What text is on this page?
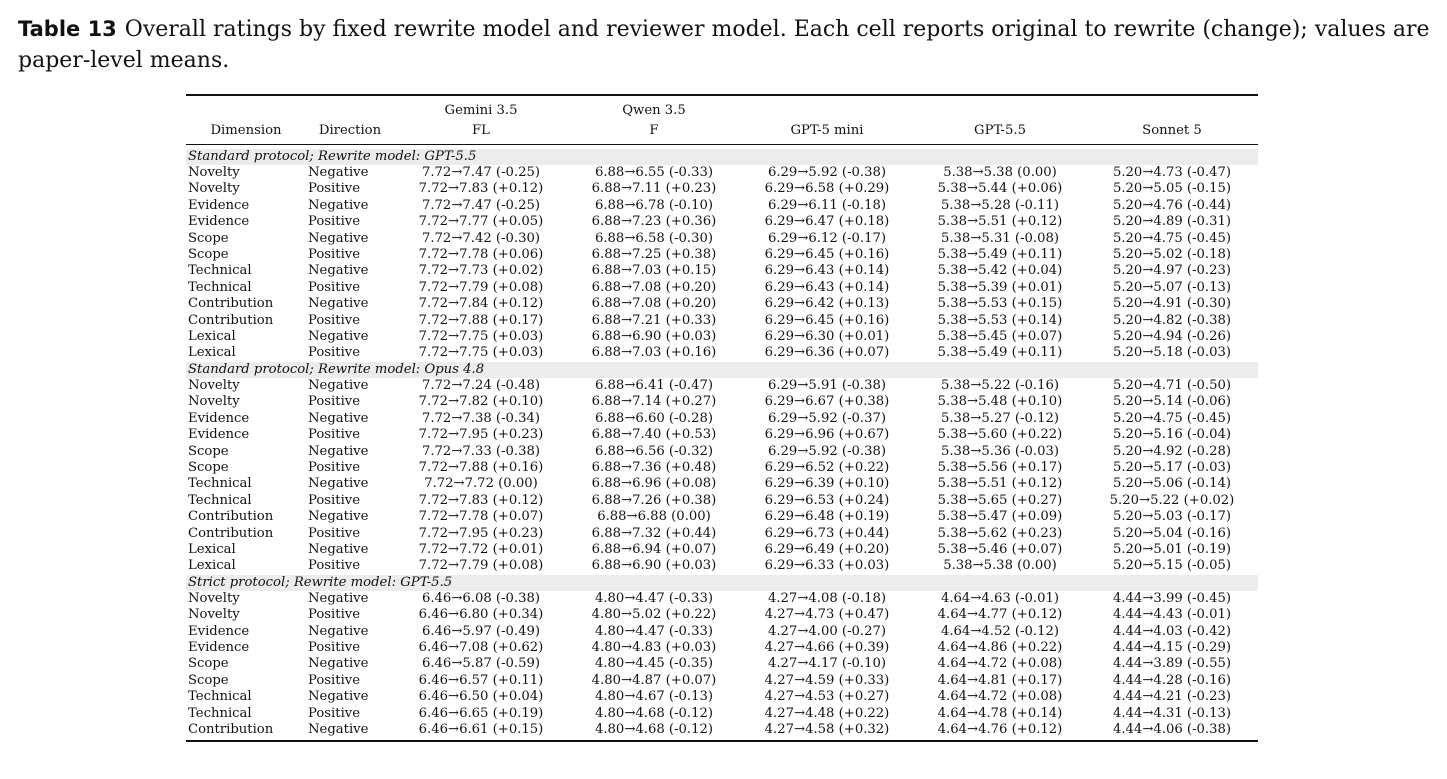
Table 13 Overall ratings by fixed rewrite model and reviewer model. Each cell reports original to rewrite (change); values are paper-level means.

		Gemini 3.5	Qwen 3.5			
Dimension	Direction	FL	F	GPT-5 mini	GPT-5.5	Sonnet 5

Standard protocol; Rewrite model: GPT-5.5						
Novelty	Negative	7.72→7.47 (-0.25)	6.88→6.55 (-0.33)	6.29→5.92 (-0.38)	5.38→5.38 (0.00)	5.20→4.73 (-0.47)
Novelty	Positive	7.72→7.83 (+0.12)	6.88→7.11 (+0.23)	6.29→6.58 (+0.29)	5.38→5.44 (+0.06)	5.20→5.05 (-0.15)
Evidence	Negative	7.72→7.47 (-0.25)	6.88→6.78 (-0.10)	6.29→6.11 (-0.18)	5.38→5.28 (-0.11)	5.20→4.76 (-0.44)
Evidence	Positive	7.72→7.77 (+0.05)	6.88→7.23 (+0.36)	6.29→6.47 (+0.18)	5.38→5.51 (+0.12)	5.20→4.89 (-0.31)
Scope	Negative	7.72→7.42 (-0.30)	6.88→6.58 (-0.30)	6.29→6.12 (-0.17)	5.38→5.31 (-0.08)	5.20→4.75 (-0.45)
Scope	Positive	7.72→7.78 (+0.06)	6.88→7.25 (+0.38)	6.29→6.45 (+0.16)	5.38→5.49 (+0.11)	5.20→5.02 (-0.18)
Technical	Negative	7.72→7.73 (+0.02)	6.88→7.03 (+0.15)	6.29→6.43 (+0.14)	5.38→5.42 (+0.04)	5.20→4.97 (-0.23)
Technical	Positive	7.72→7.79 (+0.08)	6.88→7.08 (+0.20)	6.29→6.43 (+0.14)	5.38→5.39 (+0.01)	5.20→5.07 (-0.13)
Contribution	Negative	7.72→7.84 (+0.12)	6.88→7.08 (+0.20)	6.29→6.42 (+0.13)	5.38→5.53 (+0.15)	5.20→4.91 (-0.30)
Contribution	Positive	7.72→7.88 (+0.17)	6.88→7.21 (+0.33)	6.29→6.45 (+0.16)	5.38→5.53 (+0.14)	5.20→4.82 (-0.38)
Lexical	Negative	7.72→7.75 (+0.03)	6.88→6.90 (+0.03)	6.29→6.30 (+0.01)	5.38→5.45 (+0.07)	5.20→4.94 (-0.26)
Lexical	Positive	7.72→7.75 (+0.03)	6.88→7.03 (+0.16)	6.29→6.36 (+0.07)	5.38→5.49 (+0.11)	5.20→5.18 (-0.03)
Standard protocol; Rewrite model: Opus 4.8						
Novelty	Negative	7.72→7.24 (-0.48)	6.88→6.41 (-0.47)	6.29→5.91 (-0.38)	5.38→5.22 (-0.16)	5.20→4.71 (-0.50)
Novelty	Positive	7.72→7.82 (+0.10)	6.88→7.14 (+0.27)	6.29→6.67 (+0.38)	5.38→5.48 (+0.10)	5.20→5.14 (-0.06)
Evidence	Negative	7.72→7.38 (-0.34)	6.88→6.60 (-0.28)	6.29→5.92 (-0.37)	5.38→5.27 (-0.12)	5.20→4.75 (-0.45)
Evidence	Positive	7.72→7.95 (+0.23)	6.88→7.40 (+0.53)	6.29→6.96 (+0.67)	5.38→5.60 (+0.22)	5.20→5.16 (-0.04)
Scope	Negative	7.72→7.33 (-0.38)	6.88→6.56 (-0.32)	6.29→5.92 (-0.38)	5.38→5.36 (-0.03)	5.20→4.92 (-0.28)
Scope	Positive	7.72→7.88 (+0.16)	6.88→7.36 (+0.48)	6.29→6.52 (+0.22)	5.38→5.56 (+0.17)	5.20→5.17 (-0.03)
Technical	Negative	7.72→7.72 (0.00)	6.88→6.96 (+0.08)	6.29→6.39 (+0.10)	5.38→5.51 (+0.12)	5.20→5.06 (-0.14)
Technical	Positive	7.72→7.83 (+0.12)	6.88→7.26 (+0.38)	6.29→6.53 (+0.24)	5.38→5.65 (+0.27)	5.20→5.22 (+0.02)
Contribution	Negative	7.72→7.78 (+0.07)	6.88→6.88 (0.00)	6.29→6.48 (+0.19)	5.38→5.47 (+0.09)	5.20→5.03 (-0.17)
Contribution	Positive	7.72→7.95 (+0.23)	6.88→7.32 (+0.44)	6.29→6.73 (+0.44)	5.38→5.62 (+0.23)	5.20→5.04 (-0.16)
Lexical	Negative	7.72→7.72 (+0.01)	6.88→6.94 (+0.07)	6.29→6.49 (+0.20)	5.38→5.46 (+0.07)	5.20→5.01 (-0.19)
Lexical	Positive	7.72→7.79 (+0.08)	6.88→6.90 (+0.03)	6.29→6.33 (+0.03)	5.38→5.38 (0.00)	5.20→5.15 (-0.05)
Strict protocol; Rewrite model: GPT-5.5						
Novelty	Negative	6.46→6.08 (-0.38)	4.80→4.47 (-0.33)	4.27→4.08 (-0.18)	4.64→4.63 (-0.01)	4.44→3.99 (-0.45)
Novelty	Positive	6.46→6.80 (+0.34)	4.80→5.02 (+0.22)	4.27→4.73 (+0.47)	4.64→4.77 (+0.12)	4.44→4.43 (-0.01)
Evidence	Negative	6.46→5.97 (-0.49)	4.80→4.47 (-0.33)	4.27→4.00 (-0.27)	4.64→4.52 (-0.12)	4.44→4.03 (-0.42)
Evidence	Positive	6.46→7.08 (+0.62)	4.80→4.83 (+0.03)	4.27→4.66 (+0.39)	4.64→4.86 (+0.22)	4.44→4.15 (-0.29)
Scope	Negative	6.46→5.87 (-0.59)	4.80→4.45 (-0.35)	4.27→4.17 (-0.10)	4.64→4.72 (+0.08)	4.44→3.89 (-0.55)
Scope	Positive	6.46→6.57 (+0.11)	4.80→4.87 (+0.07)	4.27→4.59 (+0.33)	4.64→4.81 (+0.17)	4.44→4.28 (-0.16)
Technical	Negative	6.46→6.50 (+0.04)	4.80→4.67 (-0.13)	4.27→4.53 (+0.27)	4.64→4.72 (+0.08)	4.44→4.21 (-0.23)
Technical	Positive	6.46→6.65 (+0.19)	4.80→4.68 (-0.12)	4.27→4.48 (+0.22)	4.64→4.78 (+0.14)	4.44→4.31 (-0.13)
Contribution	Negative	6.46→6.61 (+0.15)	4.80→4.68 (-0.12)	4.27→4.58 (+0.32)	4.64→4.76 (+0.12)	4.44→4.06 (-0.38)
